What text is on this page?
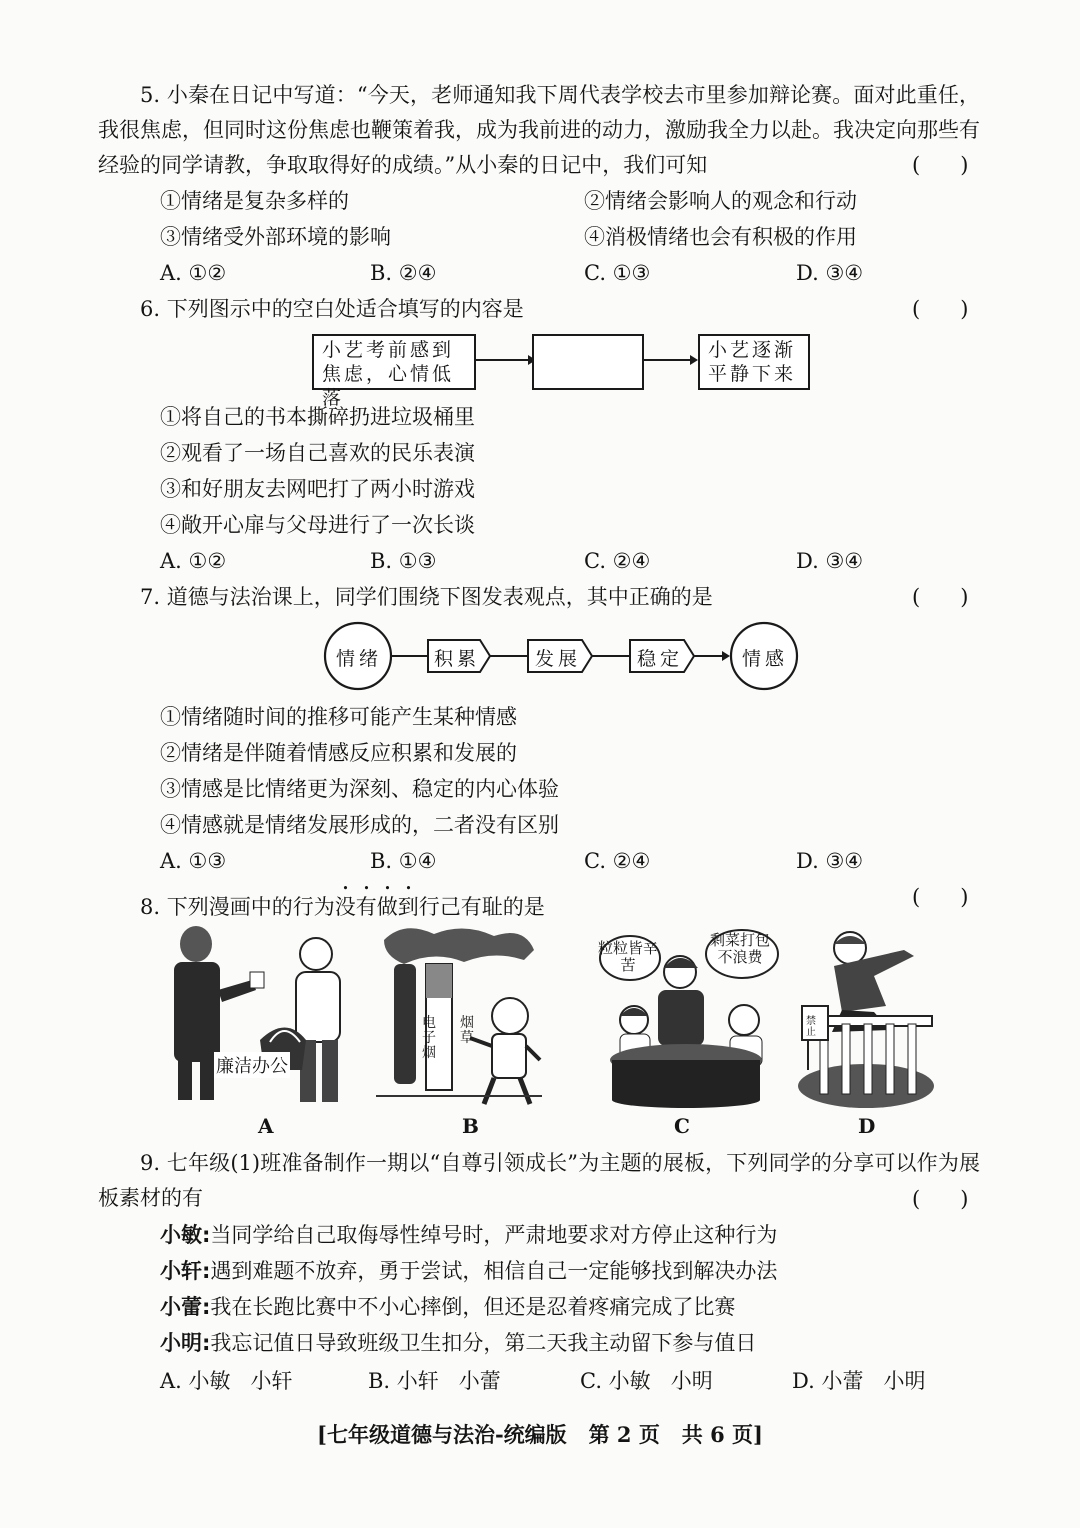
5. 小秦在日记中写道：“今天，老师通知我下周代表学校去市里参加辩论赛。面对此重任，我很焦虑，但同时这份焦虑也鞭策着我，成为我前进的动力，激励我全力以赴。我决定向那些有经验的同学请教，争取取得好的成绩。”从小秦的日记中，我们可知	(      )
①情绪是复杂多样的	②情绪会影响人的观念和行动
③情绪受外部环境的影响	④消极情绪也会有积极的作用
A. ①②	B. ②④	C. ①③	D. ③④
6. 下列图示中的空白处适合填写的内容是	(      )
小艺考前感到焦虑，心情低落
小艺逐渐平静下来
①将自己的书本撕碎扔进垃圾桶里
②观看了一场自己喜欢的民乐表演
③和好朋友去网吧打了两小时游戏
④敞开心扉与父母进行了一次长谈
A. ①②	B. ①③	C. ②④	D. ③④
7. 道德与法治课上，同学们围绕下图发表观点，其中正确的是	(      )
情绪	积累	发展	稳定	情感
①情绪随时间的推移可能产生某种情感
②情绪是伴随着情感反应积累和发展的
③情感是比情绪更为深刻、稳定的内心体验
④情感就是情绪发展形成的，二者没有区别
A. ①③	B. ①④	C. ②④	D. ③④
8. 下列漫画中的行为没有做到行己有耻的是	(      )
廉洁办公
电子烟
烟草
粒粒皆辛苦
剩菜打包不浪费
禁止
A	B	C	D
9. 七年级(1)班准备制作一期以“自尊引领成长”为主题的展板，下列同学的分享可以作为展板素材的有	(      )
小敏:当同学给自己取侮辱性绰号时，严肃地要求对方停止这种行为
小轩:遇到难题不放弃，勇于尝试，相信自己一定能够找到解决办法
小蕾:我在长跑比赛中不小心摔倒，但还是忍着疼痛完成了比赛
小明:我忘记值日导致班级卫生扣分，第二天我主动留下参与值日
A. 小敏   小轩	B. 小轩   小蕾	C. 小敏   小明	D. 小蕾   小明
[七年级道德与法治-统编版   第 2 页   共 6 页]
